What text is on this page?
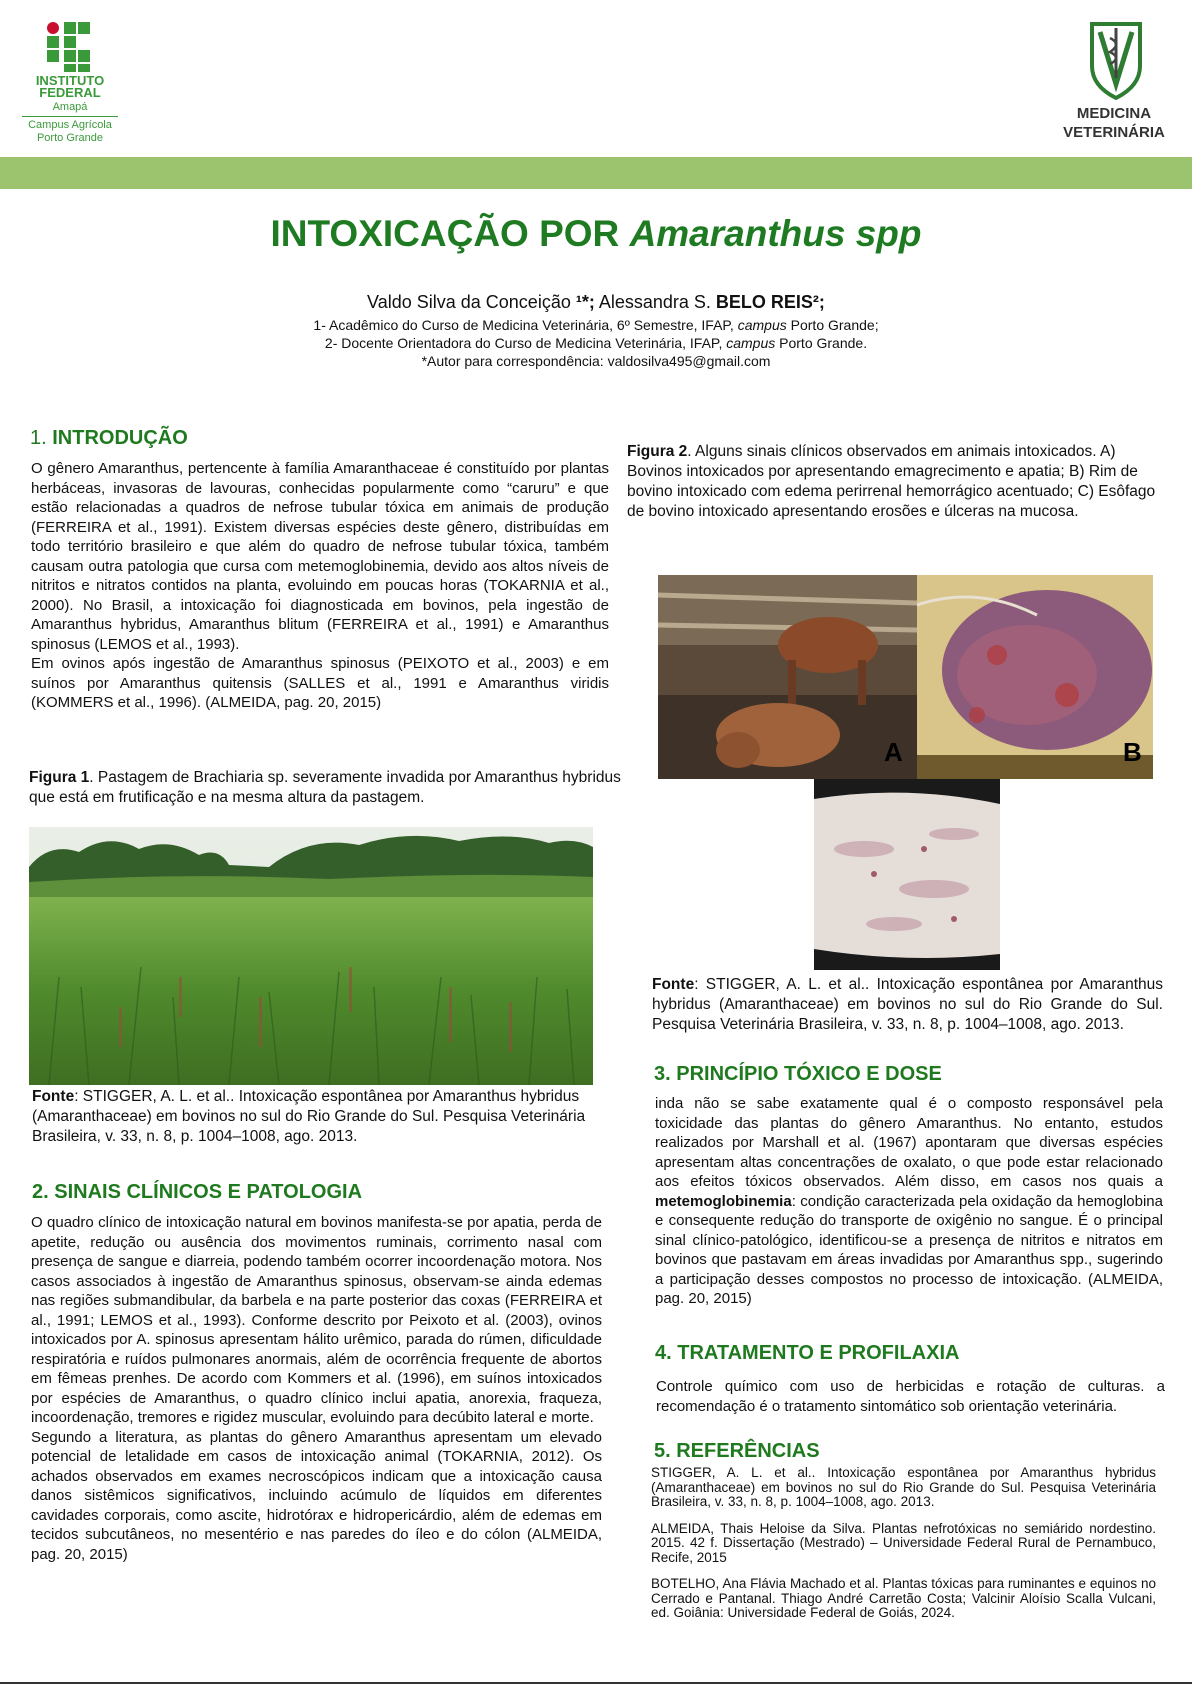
INSTITUTO
FEDERAL
Amapá
Campus Agrícola
Porto Grande
MEDICINA
VETERINÁRIA
INTOXICAÇÃO POR Amaranthus spp
Valdo Silva da Conceição ¹*; Alessandra S. BELO REIS²;
1- Acadêmico do Curso de Medicina Veterinária, 6º Semestre, IFAP, campus Porto Grande;
2- Docente Orientadora do Curso de Medicina Veterinária, IFAP, campus Porto Grande.
*Autor para correspondência: valdosilva495@gmail.com
1. INTRODUÇÃO

O gênero Amaranthus, pertencente à família Amaranthaceae é constituído por plantas herbáceas, invasoras de lavouras, conhecidas popularmente como “caruru” e que estão relacionadas a quadros de nefrose tubular tóxica em animais de produção (FERREIRA et al., 1991). Existem diversas espécies deste gênero, distribuídas em todo território brasileiro e que além do quadro de nefrose tubular tóxica, também causam outra patologia que cursa com metemoglobinemia, devido aos altos níveis de nitritos e nitratos contidos na planta, evoluindo em poucas horas (TOKARNIA et al., 2000). No Brasil, a intoxicação foi diagnosticada em bovinos, pela ingestão de Amaranthus hybridus, Amaranthus blitum (FERREIRA et al., 1991) e Amaranthus spinosus (LEMOS et al., 1993).

Em ovinos após ingestão de Amaranthus spinosus (PEIXOTO et al., 2003) e em suínos por Amaranthus quitensis (SALLES et al., 1991 e Amaranthus viridis (KOMMERS et al., 1996). (ALMEIDA, pag. 20, 2015)

Figura 1. Pastagem de Brachiaria sp. severamente invadida por Amaranthus hybridus que está em frutificação e na mesma altura da pastagem.
Fonte: STIGGER, A. L. et al.. Intoxicação espontânea por Amaranthus hybridus (Amaranthaceae) em bovinos no sul do Rio Grande do Sul. Pesquisa Veterinária Brasileira, v. 33, n. 8, p. 1004–1008, ago. 2013.
2. SINAIS CLÍNICOS E PATOLOGIA

O quadro clínico de intoxicação natural em bovinos manifesta-se por apatia, perda de apetite, redução ou ausência dos movimentos ruminais, corrimento nasal com presença de sangue e diarreia, podendo também ocorrer incoordenação motora. Nos casos associados à ingestão de Amaranthus spinosus, observam-se ainda edemas nas regiões submandibular, da barbela e na parte posterior das coxas (FERREIRA et al., 1991; LEMOS et al., 1993). Conforme descrito por Peixoto et al. (2003), ovinos intoxicados por A. spinosus apresentam hálito urêmico, parada do rúmen, dificuldade respiratória e ruídos pulmonares anormais, além de ocorrência frequente de abortos em fêmeas prenhes. De acordo com Kommers et al. (1996), em suínos intoxicados por espécies de Amaranthus, o quadro clínico inclui apatia, anorexia, fraqueza, incoordenação, tremores e rigidez muscular, evoluindo para decúbito lateral e morte.

Segundo a literatura, as plantas do gênero Amaranthus apresentam um elevado potencial de letalidade em casos de intoxicação animal (TOKARNIA, 2012). Os achados observados em exames necroscópicos indicam que a intoxicação causa danos sistêmicos significativos, incluindo acúmulo de líquidos em diferentes cavidades corporais, como ascite, hidrotórax e hidropericárdio, além de edemas em tecidos subcutâneos, no mesentério e nas paredes do íleo e do cólon (ALMEIDA, pag. 20, 2015)

Figura 2. Alguns sinais clínicos observados em animais intoxicados. A) Bovinos intoxicados por apresentando emagrecimento e apatia; B) Rim de bovino intoxicado com edema perirrenal hemorrágico acentuado; C) Esôfago de bovino intoxicado apresentando erosões e úlceras na mucosa.
A	B
Fonte: STIGGER, A. L. et al.. Intoxicação espontânea por Amaranthus hybridus (Amaranthaceae) em bovinos no sul do Rio Grande do Sul. Pesquisa Veterinária Brasileira, v. 33, n. 8, p. 1004–1008, ago. 2013.
3. PRINCÍPIO TÓXICO E DOSE

inda não se sabe exatamente qual é o composto responsável pela toxicidade das plantas do gênero Amaranthus. No entanto, estudos realizados por Marshall et al. (1967) apontaram que diversas espécies apresentam altas concentrações de oxalato, o que pode estar relacionado aos efeitos tóxicos observados. Além disso, em casos nos quais a metemoglobinemia: condição caracterizada pela oxidação da hemoglobina e consequente redução do transporte de oxigênio no sangue. É o principal sinal clínico-patológico, identificou-se a presença de nitritos e nitratos em bovinos que pastavam em áreas invadidas por Amaranthus spp., sugerindo a participação desses compostos no processo de intoxicação. (ALMEIDA, pag. 20, 2015)

4. TRATAMENTO E PROFILAXIA
Controle químico com uso de herbicidas e rotação de culturas. a recomendação é o tratamento sintomático sob orientação veterinária.
5. REFERÊNCIAS
STIGGER, A. L. et al.. Intoxicação espontânea por Amaranthus hybridus (Amaranthaceae) em bovinos no sul do Rio Grande do Sul. Pesquisa Veterinária Brasileira, v. 33, n. 8, p. 1004–1008, ago. 2013.
ALMEIDA, Thais Heloise da Silva. Plantas nefrotóxicas no semiárido nordestino. 2015. 42 f. Dissertação (Mestrado) – Universidade Federal Rural de Pernambuco, Recife, 2015
BOTELHO, Ana Flávia Machado et al. Plantas tóxicas para ruminantes e equinos no Cerrado e Pantanal. Thiago André Carretão Costa; Valcinir Aloísio Scalla Vulcani, ed. Goiânia: Universidade Federal de Goiás, 2024.
